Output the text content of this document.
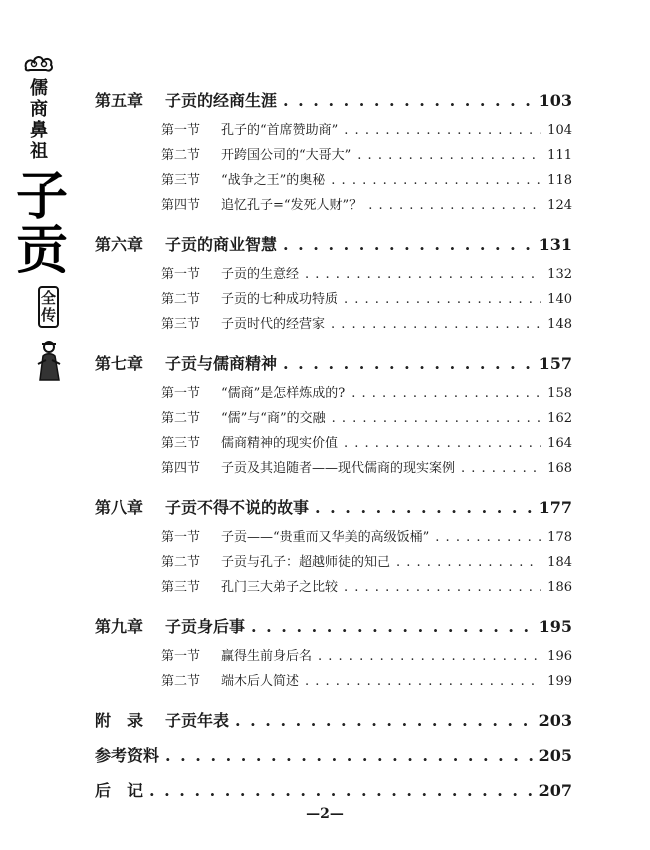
儒
商
鼻
祖
子
贡
全
传
第五章	子贡的经商生涯 . . .	103
第一节	孔子的“首席赞助商” . . .	104
第二节	开跨国公司的“大哥大” . . .	111
第三节	“战争之王”的奥秘 . . .	118
第四节	追忆孔子=“发死人财”？ . . .	124
第六章	子贡的商业智慧 . . .	131
第一节	子贡的生意经 . . .	132
第二节	子贡的七种成功特质 . . .	140
第三节	子贡时代的经营家 . . .	148
第七章	子贡与儒商精神 . . .	157
第一节	“儒商”是怎样炼成的? . . .	158
第二节	“儒”与“商”的交融 . . .	162
第三节	儒商精神的现实价值 . . .	164
第四节	子贡及其追随者——现代儒商的现实案例 . . .	168
第八章	子贡不得不说的故事 . . .	177
第一节	子贡——“贵重而又华美的高级饭桶” . . .	178
第二节	子贡与孔子：超越师徒的知己 . . .	184
第三节	孔门三大弟子之比较 . . .	186
第九章	子贡身后事 . . .	195
第一节	赢得生前身后名 . . .	196
第二节	端木后人简述 . . .	199
附　录	子贡年表 . . .	203
参考资料 . . .	205
后　记 . . .	207
—2—
